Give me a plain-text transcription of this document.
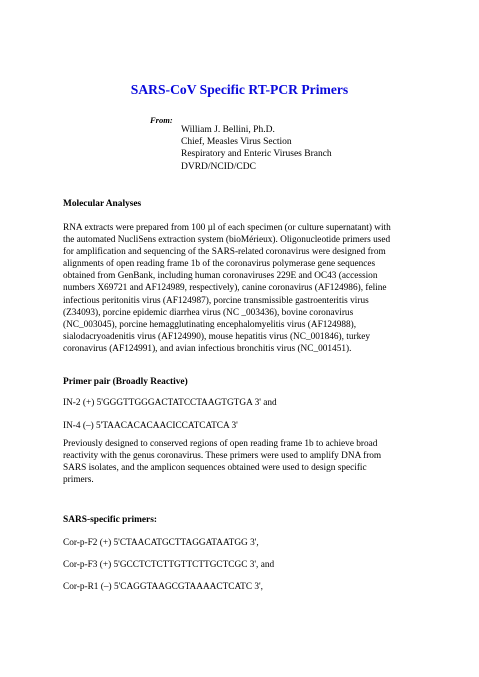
SARS-CoV Specific RT-PCR Primers
From:
William J. Bellini, Ph.D.
Chief, Measles Virus Section
Respiratory and Enteric Viruses Branch
DVRD/NCID/CDC
Molecular Analyses
RNA extracts were prepared from 100 µl of each specimen (or culture supernatant) with
the automated NucliSens extraction system (bioMérieux). Oligonucleotide primers used
for amplification and sequencing of the SARS-related coronavirus were designed from
alignments of open reading frame 1b of the coronavirus polymerase gene sequences
obtained from GenBank, including human coronaviruses 229E and OC43 (accession
numbers X69721 and AF124989, respectively), canine coronavirus (AF124986), feline
infectious peritonitis virus (AF124987), porcine transmissible gastroenteritis virus
(Z34093), porcine epidemic diarrhea virus (NC _003436), bovine coronavirus
(NC_003045), porcine hemagglutinating encephalomyelitis virus (AF124988),
sialodacryoadenitis virus (AF124990), mouse hepatitis virus (NC_001846), turkey
coronavirus (AF124991), and avian infectious bronchitis virus (NC_001451).
Primer pair (Broadly Reactive)
IN-2 (+) 5'GGGTTGGGACTATCCTAAGTGTGA 3' and
IN-4 (–) 5'TAACACACAACICCATCATCA 3'
Previously designed to conserved regions of open reading frame 1b to achieve broad
reactivity with the genus coronavirus. These primers were used to amplify DNA from
SARS isolates, and the amplicon sequences obtained were used to design specific
primers.
SARS-specific primers:
Cor-p-F2 (+) 5'CTAACATGCTTAGGATAATGG 3',
Cor-p-F3 (+) 5'GCCTCTCTTGTTCTTGCTCGC 3', and
Cor-p-R1 (–) 5'CAGGTAAGCGTAAAACTCATC 3',
